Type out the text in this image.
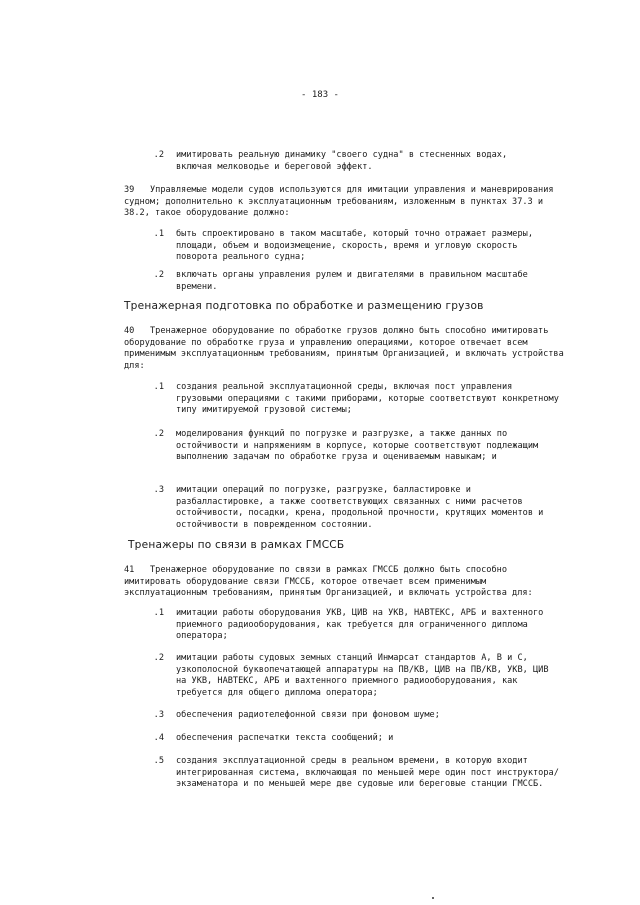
- 183 -
.2 имитировать реальную динамику "своего судна" в стесненных водах,
включая мелководье и береговой эффект.
39 Управляемые модели судов используются для имитации управления и маневрирования судном; дополнительно к эксплуатационным требованиям, изложенным в пунктах 37.3 и 38.2, такое оборудование должно:
.1 быть спроектировано в таком масштабе, который точно отражает размеры, площади, объем и водоизмещение, скорость, время и угловую скорость поворота реального судна;
.2 включать органы управления рулем и двигателями в правильном масштабе времени.
Тренажерная подготовка по обработке и размещению грузов
40 Тренажерное оборудование по обработке грузов должно быть способно имитировать оборудование по обработке груза и управлению операциями, которое отвечает всем применимым эксплуатационным требованиям, принятым Организацией, и включать устройства для:
.1 создания реальной эксплуатационной среды, включая пост управления грузовыми операциями с такими приборами, которые соответствуют конкретному типу имитируемой грузовой системы;
.2 моделирования функций по погрузке и разгрузке, а также данных по остойчивости и напряжениям в корпусе, которые соответствуют подлежащим выполнению задачам по обработке груза и оцениваемым навыкам; и
.3 имитации операций по погрузке, разгрузке, балластировке и разбалластировке, а также соответствующих связанных с ними расчетов остойчивости, посадки, крена, продольной прочности, крутящих моментов и остойчивости в поврежденном состоянии.
Тренажеры по связи в рамках ГМССБ
41 Тренажерное оборудование по связи в рамках ГМССБ должно быть способно имитировать оборудование связи ГМССБ, которое отвечает всем применимым эксплуатационным требованиям, принятым Организацией, и включать устройства для:
.1 имитации работы оборудования УКВ, ЦИВ на УКВ, НАВТЕКС, АРБ и вахтенного приемного радиооборудования, как требуется для ограниченного диплома оператора;
.2 имитации работы судовых земных станций Инмарсат стандартов А, В и С, узкополосной буквопечатающей аппаратуры на ПВ/КВ, ЦИВ на ПВ/КВ, УКВ, ЦИВ на УКВ, НАВТЕКС, АРБ и вахтенного приемного радиооборудования, как требуется для общего диплома оператора;
.3 обеспечения радиотелефонной связи при фоновом шуме;
.4 обеспечения распечатки текста сообщений; и
.5 создания эксплуатационной среды в реальном времени, в которую входит интегрированная система, включающая по меньшей мере один пост инструктора/экзаменатора и по меньшей мере две судовые или береговые станции ГМССБ.
